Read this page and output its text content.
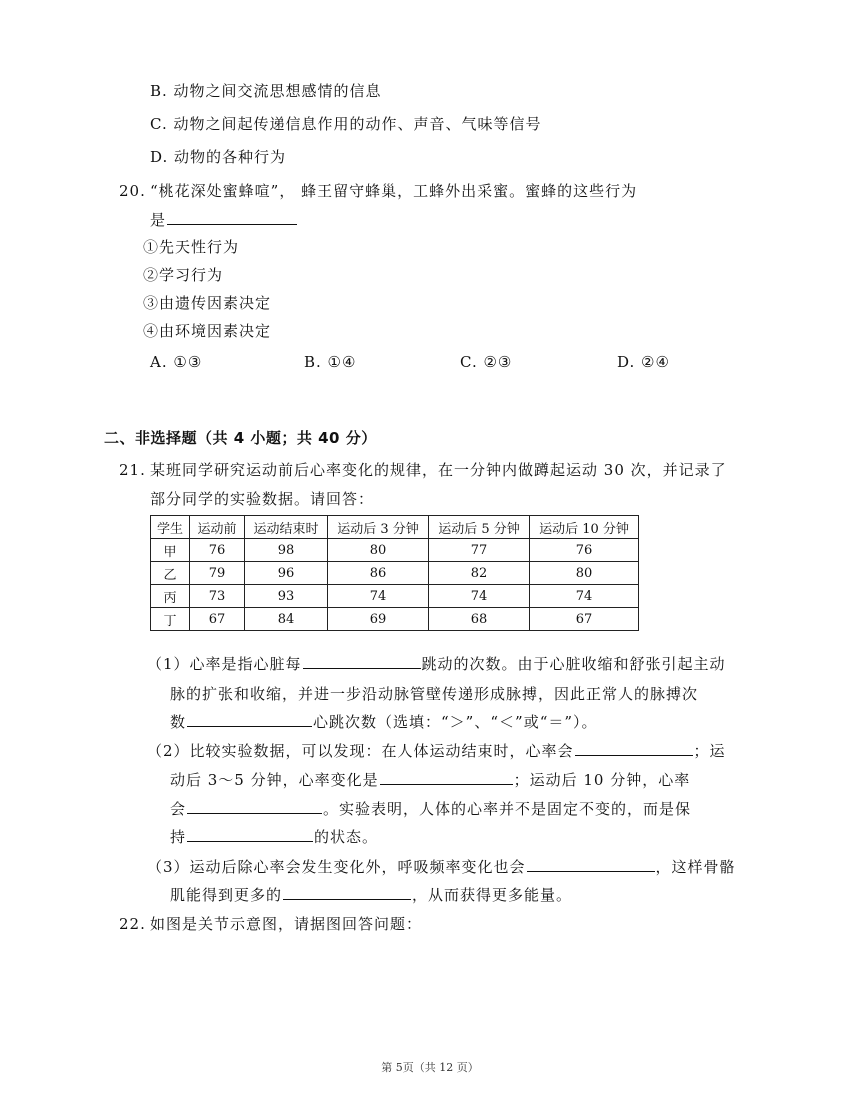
B. 动物之间交流思想感情的信息
C. 动物之间起传递信息作用的动作、声音、气味等信号
D. 动物的各种行为
20. “桃花深处蜜蜂喧”， 蜂王留守蜂巢，工蜂外出采蜜。蜜蜂的这些行为
是
①先天性行为
②学习行为
③由遗传因素决定
④由环境因素决定
A. ①③	B. ①④	C. ②③	D. ②④
二、非选择题（共 4 小题；共 40 分）
21. 某班同学研究运动前后心率变化的规律，在一分钟内做蹲起运动 30 次，并记录了
部分同学的实验数据。请回答：
学生	运动前	运动结束时	运动后 3 分钟	运动后 5 分钟	运动后 10 分钟
甲	76	98	80	77	76
乙	79	96	86	82	80
丙	73	93	74	74	74
丁	67	84	69	68	67
（1）心率是指心脏每	跳动的次数。由于心脏收缩和舒张引起主动
脉的扩张和收缩，并进一步沿动脉管壁传递形成脉搏，因此正常人的脉搏次
数	心跳次数（选填：“＞”、“＜”或“＝”）。
（2）比较实验数据，可以发现：在人体运动结束时，心率会	；运
动后 3～5 分钟，心率变化是	；运动后 10 分钟，心率
会	。实验表明，人体的心率并不是固定不变的，而是保
持	的状态。
（3）运动后除心率会发生变化外，呼吸频率变化也会	，这样骨骼
肌能得到更多的	，从而获得更多能量。
22. 如图是关节示意图，请据图回答问题：
第 5页（共 12 页）
